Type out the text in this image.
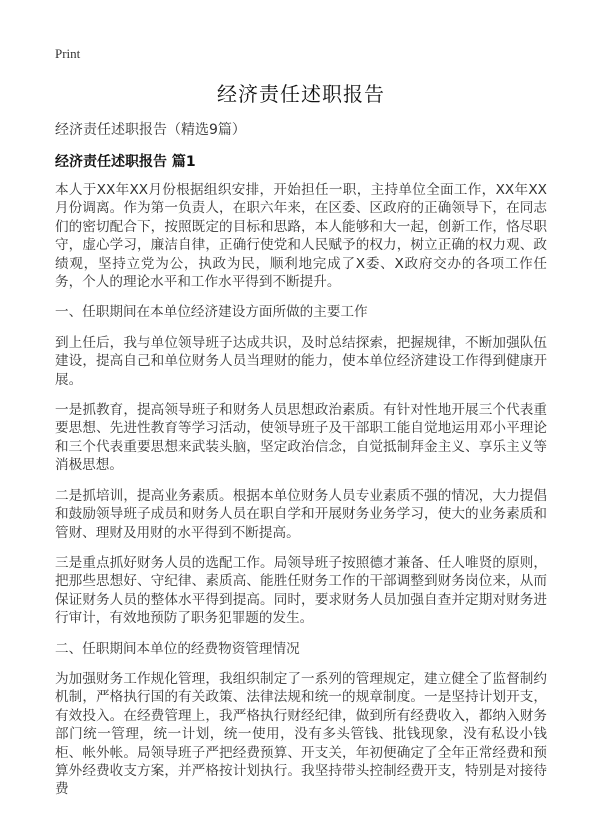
Print
经济责任述职报告
经济责任述职报告（精选9篇）
经济责任述职报告 篇1

本人于XX年XX月份根据组织安排，开始担任一职，主持单位全面工作，XX年XX月份调离。作为第一负责人，在职六年来，在区委、区政府的正确领导下，在同志们的密切配合下，按照既定的目标和思路，本人能够和大一起，创新工作，恪尽职守，虚心学习，廉洁自律，正确行使党和人民赋予的权力，树立正确的权力观、政绩观，坚持立党为公，执政为民，顺利地完成了X委、X政府交办的各项工作任务，个人的理论水平和工作水平得到不断提升。

一、任职期间在本单位经济建设方面所做的主要工作

到上任后，我与单位领导班子达成共识，及时总结探索，把握规律，不断加强队伍建设，提高自己和单位财务人员当理财的能力，使本单位经济建设工作得到健康开展。

一是抓教育，提高领导班子和财务人员思想政治素质。有针对性地开展三个代表重要思想、先进性教育等学习活动，使领导班子及干部职工能自觉地运用邓小平理论和三个代表重要思想来武装头脑，坚定政治信念，自觉抵制拜金主义、享乐主义等消极思想。

二是抓培训，提高业务素质。根据本单位财务人员专业素质不强的情况，大力提倡和鼓励领导班子成员和财务人员在职自学和开展财务业务学习，使大的业务素质和管财、理财及用财的水平得到不断提高。

三是重点抓好财务人员的选配工作。局领导班子按照德才兼备、任人唯贤的原则，把那些思想好、守纪律、素质高、能胜任财务工作的干部调整到财务岗位来，从而保证财务人员的整体水平得到提高。同时，要求财务人员加强自查并定期对财务进行审计，有效地预防了职务犯罪题的发生。

二、任职期间本单位的经费物资管理情况

为加强财务工作规化管理，我组织制定了一系列的管理规定，建立健全了监督制约机制，严格执行国的有关政策、法律法规和统一的规章制度。一是坚持计划开支，有效投入。在经费管理上，我严格执行财经纪律，做到所有经费收入，都纳入财务部门统一管理，统一计划，统一使用，没有多头管钱、批钱现象，没有私设小钱柜、帐外帐。局领导班子严把经费预算、开支关，年初便确定了全年正常经费和预算外经费收支方案，并严格按计划执行。我坚持带头控制经费开支，特别是对接待费
